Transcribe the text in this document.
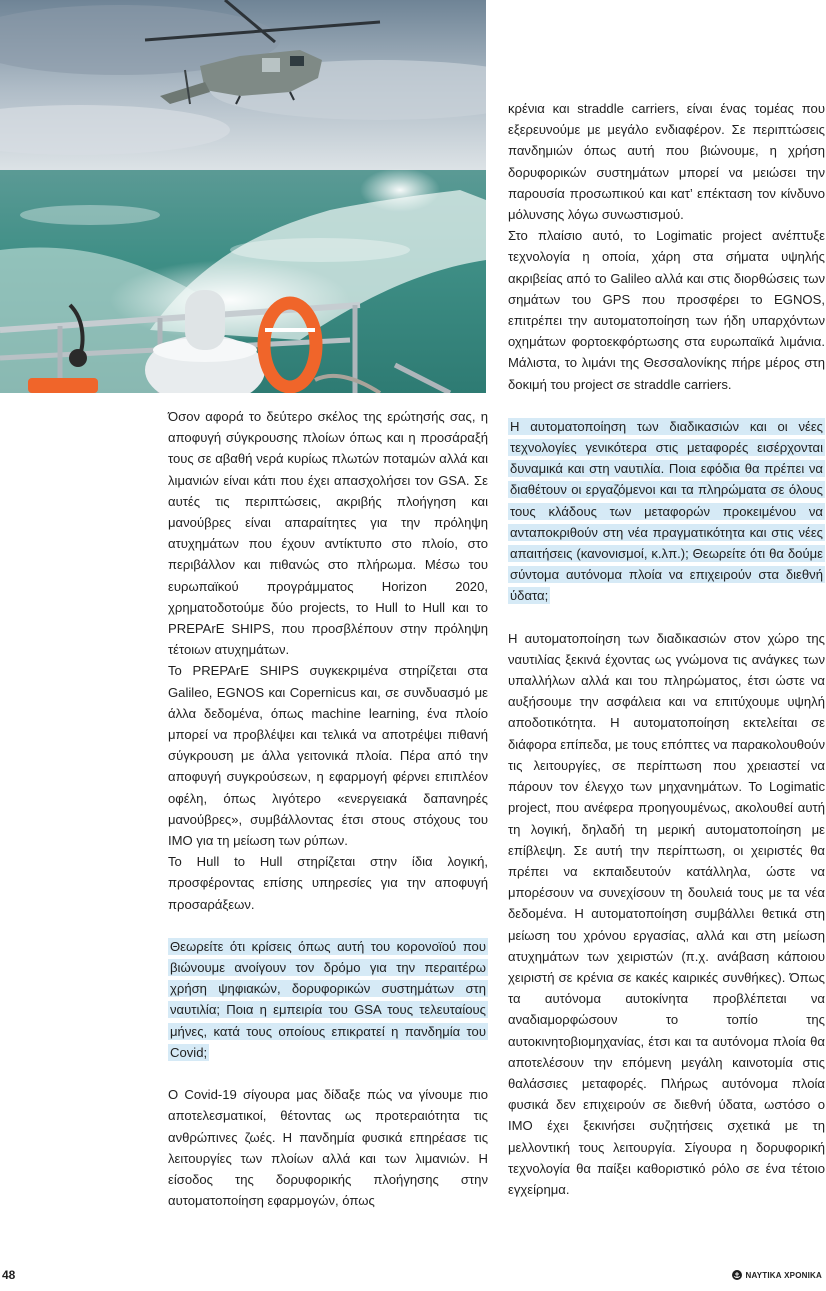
Όσον αφορά το δεύτερο σκέλος της ερώτησής σας, η αποφυγή σύγκρουσης πλοίων όπως και η προσάραξή τους σε αβαθή νερά κυρίως πλωτών ποταμών αλλά και λιμανιών είναι κάτι που έχει απασχολήσει τον GSA. Σε αυτές τις περιπτώσεις, ακριβής πλοήγηση και μανούβρες είναι απαραίτητες για την πρόληψη ατυχημάτων που έχουν αντίκτυπο στο πλοίο, στο περιβάλλον και πιθανώς στο πλήρωμα. Μέσω του ευρωπαϊκού προγράμματος Horizon 2020, χρηματοδοτούμε δύο projects, το Hull to Hull και το PREPArE SHIPS, που προσβλέπουν στην πρόληψη τέτοιων ατυχημάτων.

Το PREPArE SHIPS συγκεκριμένα στηρίζεται στα Galileo, EGNOS και Copernicus και, σε συνδυασμό με άλλα δεδομένα, όπως machine learning, ένα πλοίο μπορεί να προβλέψει και τελικά να αποτρέψει πιθανή σύγκρουση με άλλα γειτονικά πλοία. Πέρα από την αποφυγή συγκρούσεων, η εφαρμογή φέρνει επιπλέον οφέλη, όπως λιγότερο «ενεργειακά δαπανηρές μανούβρες», συμβάλλοντας έτσι στους στόχους του IMO για τη μείωση των ρύπων.

Το Hull to Hull στηρίζεται στην ίδια λογική, προσφέροντας επίσης υπηρεσίες για την αποφυγή προσαράξεων.

Θεωρείτε ότι κρίσεις όπως αυτή του κορονοϊού που βιώνουμε ανοίγουν τον δρόμο για την περαιτέρω χρήση ψηφιακών, δορυφορικών συστημάτων στη ναυτιλία; Ποια η εμπειρία του GSA τους τελευταίους μήνες, κατά τους οποίους επικρατεί η πανδημία του Covid;

Ο Covid-19 σίγουρα μας δίδαξε πώς να γίνουμε πιο αποτελεσματικοί, θέτοντας ως προτεραιότητα τις ανθρώπινες ζωές. Η πανδημία φυσικά επηρέασε τις λειτουργίες των πλοίων αλλά και των λιμανιών. Η είσοδος της δορυφορικής πλοήγησης στην αυτοματοποίηση εφαρμογών, όπως

κρένια και straddle carriers, είναι ένας τομέας που εξερευνούμε με μεγάλο ενδιαφέρον. Σε περιπτώσεις πανδημιών όπως αυτή που βιώνουμε, η χρήση δορυφορικών συστημάτων μπορεί να μειώσει την παρουσία προσωπικού και κατ’ επέκταση τον κίνδυνο μόλυνσης λόγω συνωστισμού.

Στο πλαίσιο αυτό, το Logimatic project ανέπτυξε τεχνολογία η οποία, χάρη στα σήματα υψηλής ακριβείας από το Galileo αλλά και στις διορθώσεις των σημάτων του GPS που προσφέρει το EGNOS, επιτρέπει την αυτοματοποίηση των ήδη υπαρχόντων οχημάτων φορτοεκφόρτωσης στα ευρωπαϊκά λιμάνια. Μάλιστα, το λιμάνι της Θεσσαλονίκης πήρε μέρος στη δοκιμή του project σε straddle carriers.

Η αυτοματοποίηση των διαδικασιών και οι νέες τεχνολογίες γενικότερα στις μεταφορές εισέρχονται δυναμικά και στη ναυτιλία. Ποια εφόδια θα πρέπει να διαθέτουν οι εργαζόμενοι και τα πληρώματα σε όλους τους κλάδους των μεταφορών προκειμένου να ανταποκριθούν στη νέα πραγματικότητα και στις νέες απαιτήσεις (κανονισμοί, κ.λπ.); Θεωρείτε ότι θα δούμε σύντομα αυτόνομα πλοία να επιχειρούν στα διεθνή ύδατα;

Η αυτοματοποίηση των διαδικασιών στον χώρο της ναυτιλίας ξεκινά έχοντας ως γνώμονα τις ανάγκες των υπαλλήλων αλλά και του πληρώματος, έτσι ώστε να αυξήσουμε την ασφάλεια και να επιτύχουμε υψηλή αποδοτικότητα. Η αυτοματοποίηση εκτελείται σε διάφορα επίπεδα, με τους επόπτες να παρακολουθούν τις λειτουργίες, σε περίπτωση που χρειαστεί να πάρουν τον έλεγχο των μηχανημάτων. Το Logimatic project, που ανέφερα προηγουμένως, ακολουθεί αυτή τη λογική, δηλαδή τη μερική αυτοματοποίηση με επίβλεψη. Σε αυτή την περίπτωση, οι χειριστές θα πρέπει να εκπαιδευτούν κατάλληλα, ώστε να μπορέσουν να συνεχίσουν τη δουλειά τους με τα νέα δεδομένα. Η αυτοματοποίηση συμβάλλει θετικά στη μείωση του χρόνου εργασίας, αλλά και στη μείωση ατυχημάτων των χειριστών (π.χ. ανάβαση κάποιου χειριστή σε κρένια σε κακές καιρικές συνθήκες). Όπως τα αυτόνομα αυτοκίνητα προβλέπεται να αναδιαμορφώσουν το τοπίο της αυτοκινητοβιομηχανίας, έτσι και τα αυτόνομα πλοία θα αποτελέσουν την επόμενη μεγάλη καινοτομία στις θαλάσσιες μεταφορές. Πλήρως αυτόνομα πλοία φυσικά δεν επιχειρούν σε διεθνή ύδατα, ωστόσο ο IMO έχει ξεκινήσει συζητήσεις σχετικά με τη μελλοντική τους λειτουργία. Σίγουρα η δορυφορική τεχνολογία θα παίξει καθοριστικό ρόλο σε ένα τέτοιο εγχείρημα.

48	ΝΑΥΤΙΚΑ ΧΡΟΝΙΚΑ
